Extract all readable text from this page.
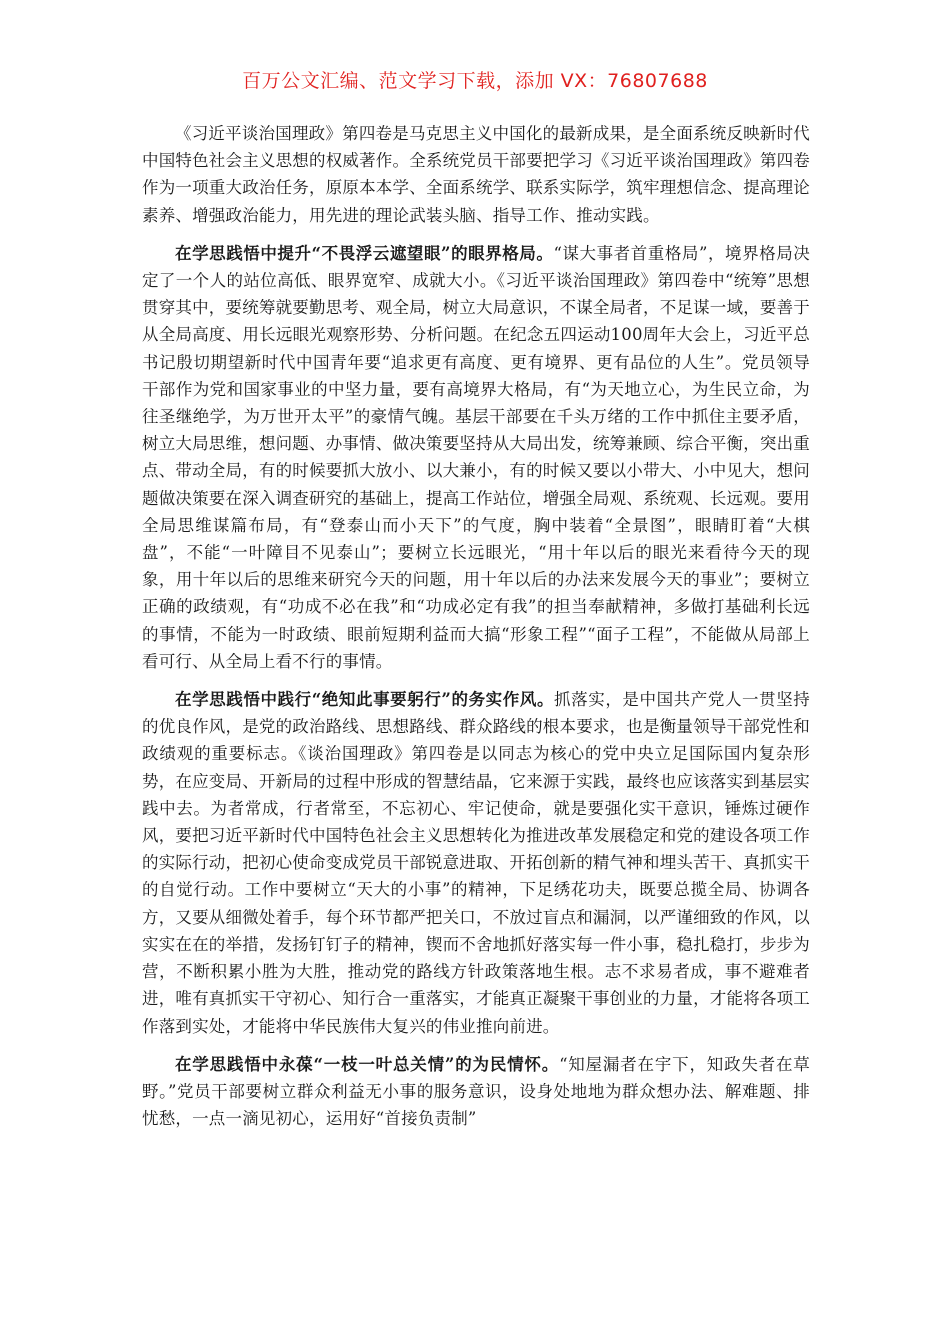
百万公文汇编、范文学习下载，添加 VX：76807688

《习近平谈治国理政》第四卷是马克思主义中国化的最新成果，是全面系统反映新时代中国特色社会主义思想的权威著作。全系统党员干部要把学习《习近平谈治国理政》第四卷作为一项重大政治任务，原原本本学、全面系统学、联系实际学，筑牢理想信念、提高理论素养、增强政治能力，用先进的理论武装头脑、指导工作、推动实践。

在学思践悟中提升“不畏浮云遮望眼”的眼界格局。“谋大事者首重格局”，境界格局决定了一个人的站位高低、眼界宽窄、成就大小。《习近平谈治国理政》第四卷中“统筹”思想贯穿其中，要统筹就要勤思考、观全局，树立大局意识，不谋全局者，不足谋一域，要善于从全局高度、用长远眼光观察形势、分析问题。在纪念五四运动100周年大会上，习近平总书记殷切期望新时代中国青年要“追求更有高度、更有境界、更有品位的人生”。党员领导干部作为党和国家事业的中坚力量，要有高境界大格局，有“为天地立心，为生民立命，为往圣继绝学，为万世开太平”的豪情气魄。基层干部要在千头万绪的工作中抓住主要矛盾，树立大局思维，想问题、办事情、做决策要坚持从大局出发，统筹兼顾、综合平衡，突出重点、带动全局，有的时候要抓大放小、以大兼小，有的时候又要以小带大、小中见大，想问题做决策要在深入调查研究的基础上，提高工作站位，增强全局观、系统观、长远观。要用全局思维谋篇布局，有“登泰山而小天下”的气度，胸中装着“全景图”，眼睛盯着“大棋盘”，不能“一叶障目不见泰山”；要树立长远眼光，“用十年以后的眼光来看待今天的现象，用十年以后的思维来研究今天的问题，用十年以后的办法来发展今天的事业”；要树立正确的政绩观，有“功成不必在我”和“功成必定有我”的担当奉献精神，多做打基础利长远的事情，不能为一时政绩、眼前短期利益而大搞“形象工程”“面子工程”，不能做从局部上看可行、从全局上看不行的事情。

在学思践悟中践行“绝知此事要躬行”的务实作风。抓落实，是中国共产党人一贯坚持的优良作风，是党的政治路线、思想路线、群众路线的根本要求，也是衡量领导干部党性和政绩观的重要标志。《谈治国理政》第四卷是以同志为核心的党中央立足国际国内复杂形势，在应变局、开新局的过程中形成的智慧结晶，它来源于实践，最终也应该落实到基层实践中去。为者常成，行者常至，不忘初心、牢记使命，就是要强化实干意识，锤炼过硬作风，要把习近平新时代中国特色社会主义思想转化为推进改革发展稳定和党的建设各项工作的实际行动，把初心使命变成党员干部锐意进取、开拓创新的精气神和埋头苦干、真抓实干的自觉行动。工作中要树立“天大的小事”的精神，下足绣花功夫，既要总揽全局、协调各方，又要从细微处着手，每个环节都严把关口，不放过盲点和漏洞，以严谨细致的作风，以实实在在的举措，发扬钉钉子的精神，锲而不舍地抓好落实每一件小事，稳扎稳打，步步为营，不断积累小胜为大胜，推动党的路线方针政策落地生根。志不求易者成，事不避难者进，唯有真抓实干守初心、知行合一重落实，才能真正凝聚干事创业的力量，才能将各项工作落到实处，才能将中华民族伟大复兴的伟业推向前进。

在学思践悟中永葆“一枝一叶总关情”的为民情怀。“知屋漏者在宇下，知政失者在草野。”党员干部要树立群众利益无小事的服务意识，设身处地地为群众想办法、解难题、排忧愁，一点一滴见初心，运用好“首接负责制”
